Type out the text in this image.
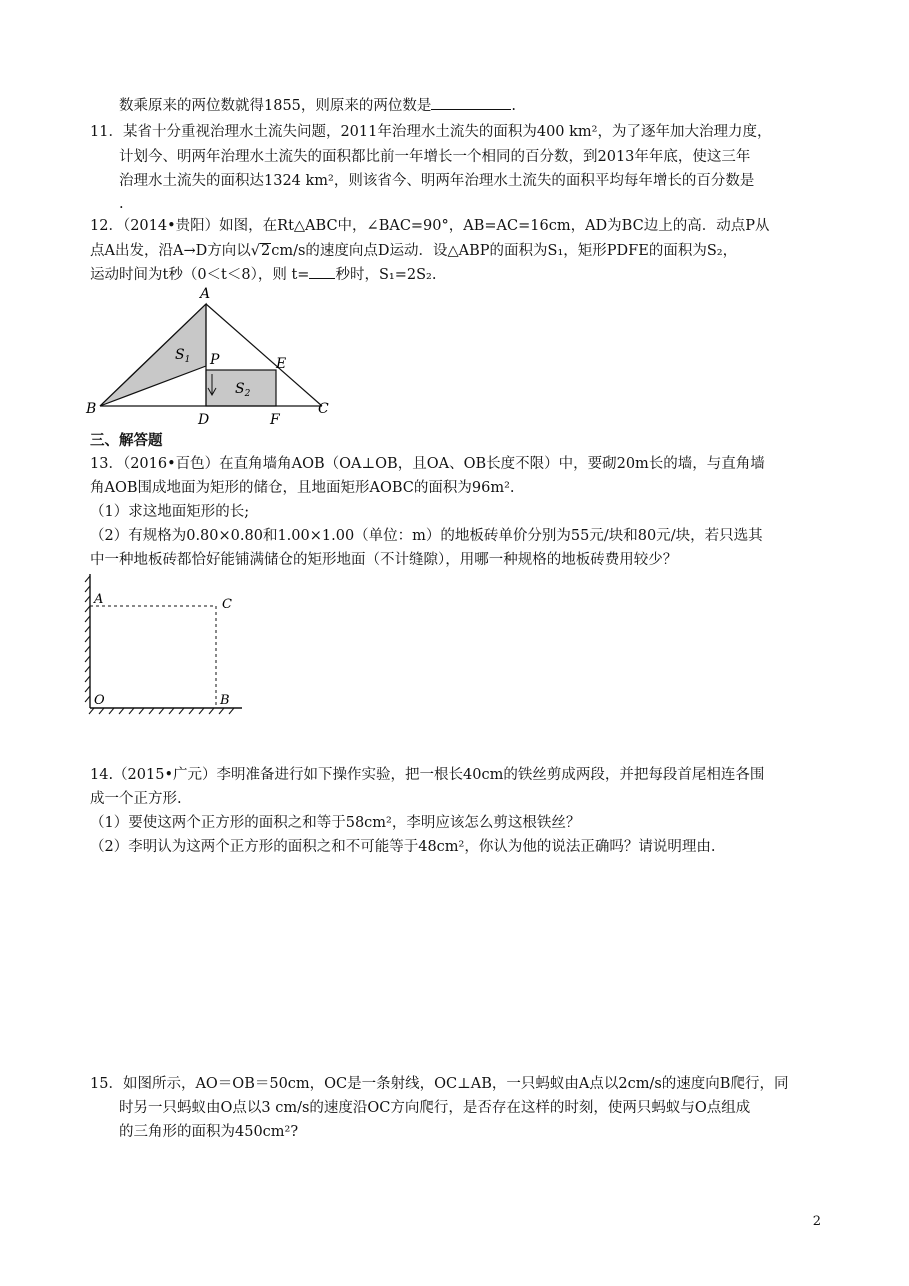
数乘原来的两位数就得1855，则原来的两位数是	.
11．某省十分重视治理水土流失问题，2011年治理水土流失的面积为400 km²，为了逐年加大治理力度，
计划今、明两年治理水土流失的面积都比前一年增长一个相同的百分数，到2013年年底，使这三年
治理水土流失的面积达1324 km²，则该省今、明两年治理水土流失的面积平均每年增长的百分数是
.
12．（2014•贵阳）如图，在Rt△ABC中，∠BAC=90°，AB=AC=16cm，AD为BC边上的高．动点P从
点A出发，沿A→D方向以√2cm/s的速度向点D运动．设△ABP的面积为S₁，矩形PDFE的面积为S₂，
运动时间为t秒（0＜t＜8），则 t= 秒时，S₁=2S₂.
A
B	C
D
E
F
P
$S_1$
$S_2$
三、解答题
13．（2016•百色）在直角墙角AOB（OA⊥OB，且OA、OB长度不限）中，要砌20m长的墙，与直角墙
角AOB围成地面为矩形的储仓，且地面矩形AOBC的面积为96m².
（1）求这地面矩形的长;
（2）有规格为0.80×0.80和1.00×1.00（单位：m）的地板砖单价分别为55元/块和80元/块，若只选其
中一种地板砖都恰好能铺满储仓的矩形地面（不计缝隙），用哪一种规格的地板砖费用较少？
A	C
O	B
14.（2015•广元）李明准备进行如下操作实验，把一根长40cm的铁丝剪成两段，并把每段首尾相连各围
成一个正方形.
（1）要使这两个正方形的面积之和等于58cm²，李明应该怎么剪这根铁丝？
（2）李明认为这两个正方形的面积之和不可能等于48cm²，你认为他的说法正确吗？请说明理由.
15．如图所示，AO＝OB＝50cm，OC是一条射线，OC⊥AB，一只蚂蚁由A点以2cm/s的速度向B爬行，同
时另一只蚂蚁由O点以3 cm/s的速度沿OC方向爬行，是否存在这样的时刻，使两只蚂蚁与O点组成
的三角形的面积为450cm²?
2
